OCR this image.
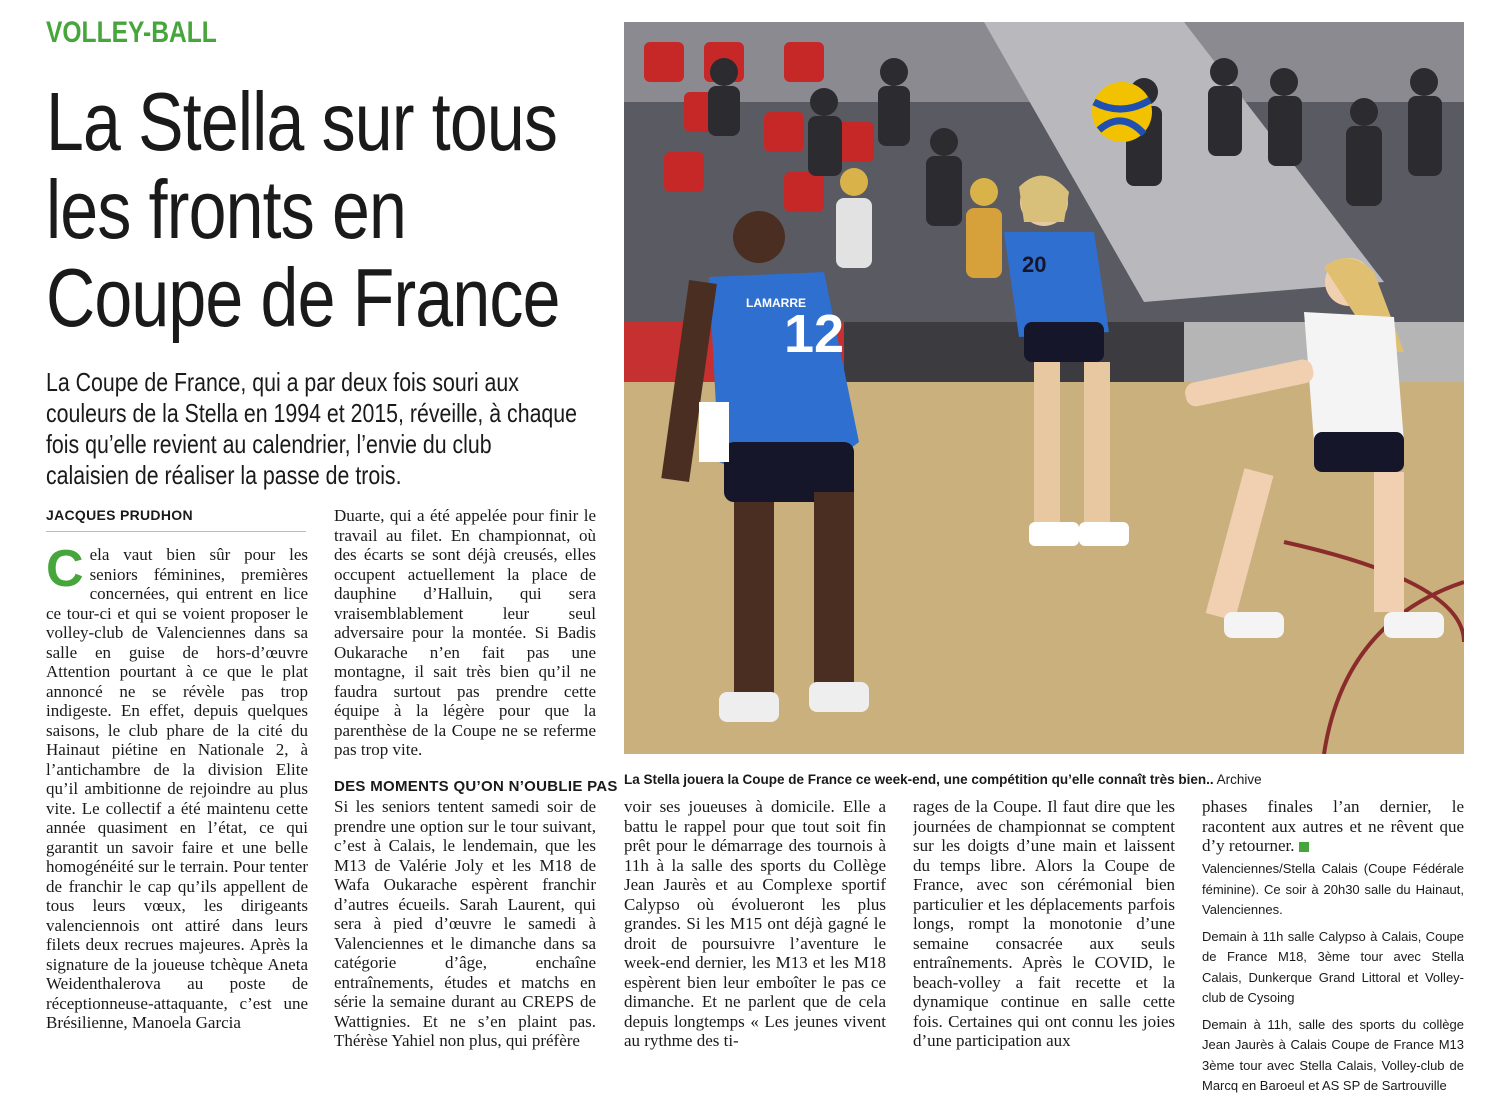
VOLLEY-BALL
La Stella sur tous les fronts en Coupe de France
La Coupe de France, qui a par deux fois souri aux couleurs de la Stella en 1994 et 2015, réveille, à chaque fois qu’elle revient au calendrier, l’envie du club calaisien de réaliser la passe de trois.
JACQUES PRUDHON
C ela vaut bien sûr pour les seniors féminines, premières concernées, qui entrent en lice ce tour-ci et qui se voient proposer le volley-club de Valenciennes dans sa salle en guise de hors-d’œuvre Attention pourtant à ce que le plat annoncé ne se révèle pas trop indigeste. En effet, depuis quelques saisons, le club phare de la cité du Hainaut piétine en Nationale 2, à l’antichambre de la division Elite qu’il ambitionne de rejoindre au plus vite. Le collectif a été maintenu cette année quasiment en l’état, ce qui garantit un savoir faire et une belle homogénéité sur le terrain. Pour tenter de franchir le cap qu’ils appellent de tous leurs vœux, les dirigeants valenciennois ont attiré dans leurs filets deux recrues majeures. Après la signature de la joueuse tchèque Aneta Weidenthalerova au poste de réceptionneuse-attaquante, c’est une Brésilienne, Manoela Garcia

Duarte, qui a été appelée pour finir le travail au filet. En championnat, où des écarts se sont déjà creusés, elles occupent actuellement la place de dauphine d’Halluin, qui sera vraisemblablement leur seul adversaire pour la montée. Si Badis Oukarache n’en fait pas une montagne, il sait très bien qu’il ne faudra surtout pas prendre cette équipe à la légère pour que la parenthèse de la Coupe ne se referme pas trop vite.

DES MOMENTS QU’ON N’OUBLIE PAS

Si les seniors tentent samedi soir de prendre une option sur le tour suivant, c’est à Calais, le lendemain, que les M13 de Valérie Joly et les M18 de Wafa Oukarache espèrent franchir d’autres écueils. Sarah Laurent, qui sera à pied d’œuvre le samedi à Valenciennes et le dimanche dans sa catégorie d’âge, enchaîne entraînements, études et matchs en série la semaine durant au CREPS de Wattignies. Et ne s’en plaint pas. Thérèse Yahiel non plus, qui préfère

12
LAMARRE
20
La Stella jouera la Coupe de France ce week-end, une compétition qu’elle connaît très bien.. Archive

voir ses joueuses à domicile. Elle a battu le rappel pour que tout soit fin prêt pour le démarrage des tournois à 11h à la salle des sports du Collège Jean Jaurès et au Complexe sportif Calypso où évolueront les plus grandes. Si les M15 ont déjà gagné le droit de poursuivre l’aventure le week-end dernier, les M13 et les M18 espèrent bien leur emboîter le pas ce dimanche. Et ne parlent que de cela depuis longtemps « Les jeunes vivent au rythme des ti-

rages de la Coupe. Il faut dire que les journées de championnat se comptent sur les doigts d’une main et laissent du temps libre. Alors la Coupe de France, avec son cérémonial bien particulier et les déplacements parfois longs, rompt la monotonie d’une semaine consacrée aux seuls entraînements. Après le COVID, le beach-volley a fait recette et la dynamique continue en salle cette fois. Certaines qui ont connu les joies d’une participation aux

phases finales l’an dernier, le racontent aux autres et ne rêvent que d’y retourner.

Valenciennes/Stella Calais (Coupe Fédérale féminine). Ce soir à 20h30 salle du Hainaut, Valenciennes.

Demain à 11h salle Calypso à Calais, Coupe de France M18, 3ème tour avec Stella Calais, Dunkerque Grand Littoral et Volley-club de Cysoing

Demain à 11h, salle des sports du collège Jean Jaurès à Calais Coupe de France M13 3ème tour avec Stella Calais, Volley-club de Marcq en Baroeul et AS SP de Sartrouville
